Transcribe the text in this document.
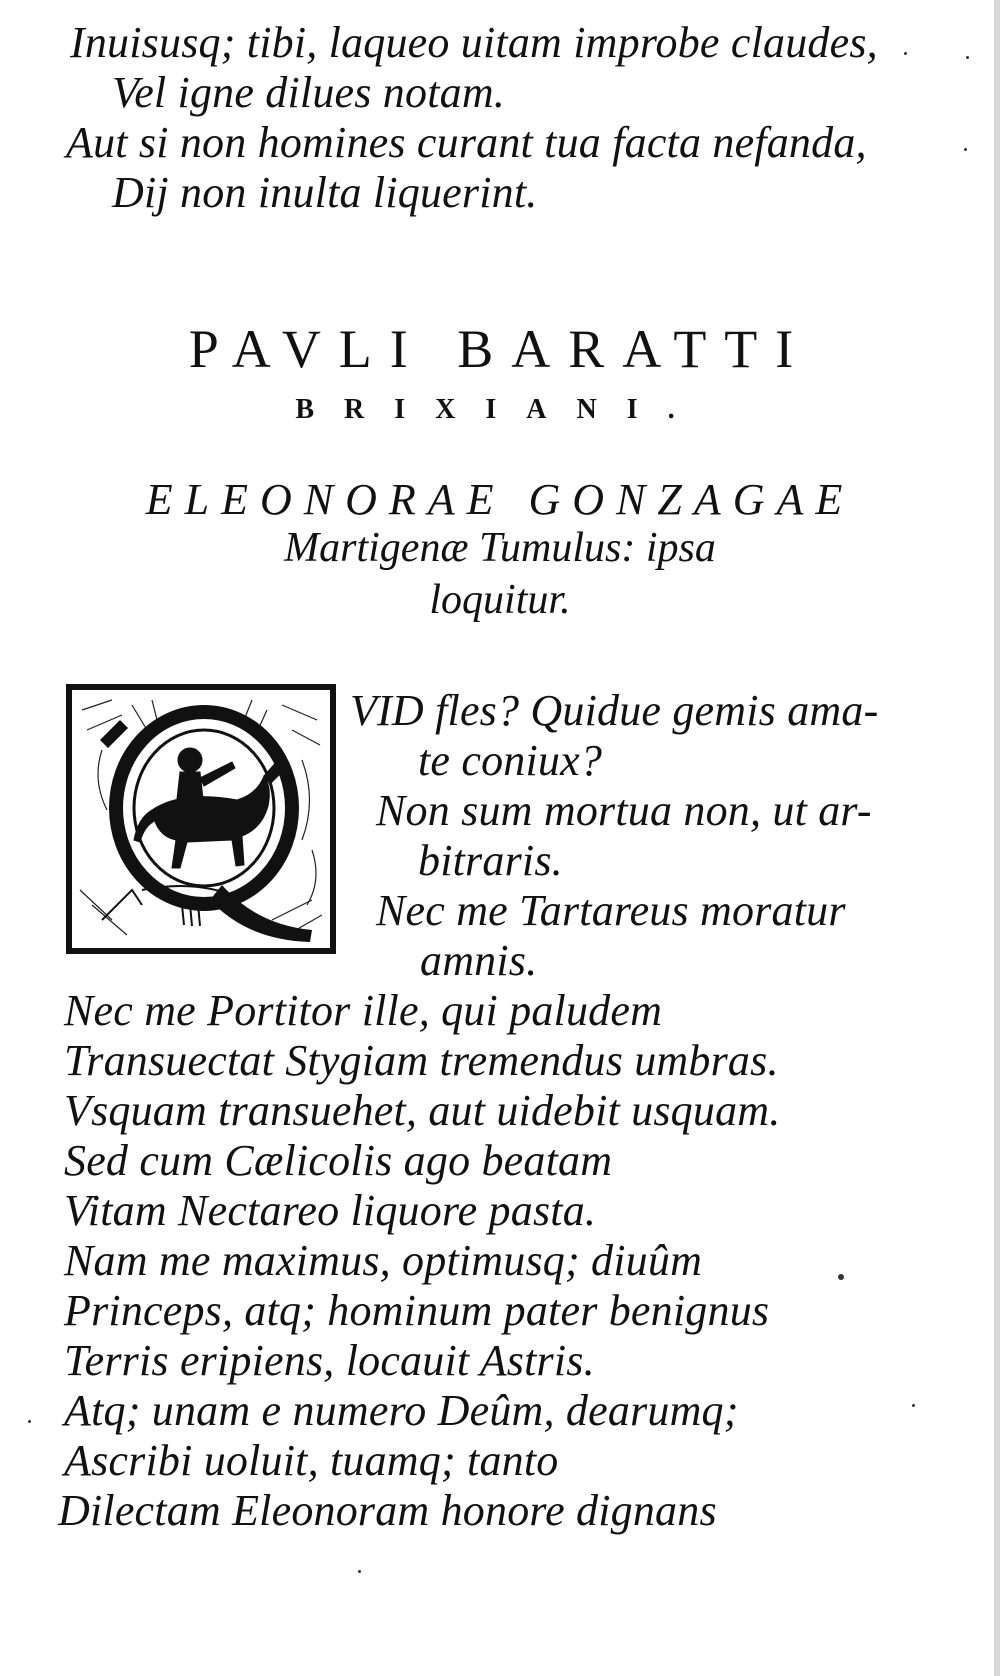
Inuisusq; tibi, laqueo uitam improbe claudes,
Vel igne dilues notam.
Aut si non homines curant tua facta nefanda,
Dij non inulta liquerint.
PAVLI BARATTI
BRIXIANI.
ELEONORAE GONZAGAE
Martigenæ Tumulus: ipsa
loquitur.
VID fles? Quidue gemis ama-
te coniux?
Non sum mortua non, ut ar-
bitraris.
Nec me Tartareus moratur
amnis.
Nec me Portitor ille, qui paludem
Transuectat Stygiam tremendus umbras.
Vsquam transuehet, aut uidebit usquam.
Sed cum Cælicolis ago beatam
Vitam Nectareo liquore pasta.
Nam me maximus, optimusq; diuûm
Princeps, atq; hominum pater benignus
Terris eripiens, locauit Astris.
Atq; unam e numero Deûm, dearumq;
Ascribi uoluit, tuamq; tanto
Dilectam Eleonoram honore dignans
